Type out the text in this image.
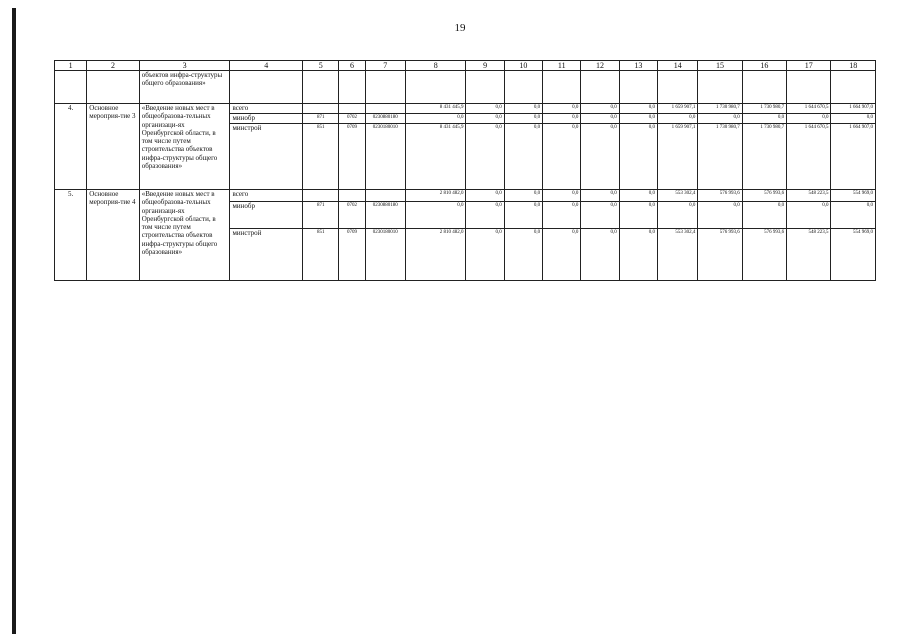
19
1	2	3	4	5	6	7	8	9	10	11	12	13	14	15	16	17	18
		объектов инфра-структуры общего образования»															
4.	Основное мероприя-тие 3	«Введение новых мест в общеобразова-тельных организаци-ях Оренбургской области, в том числе путем строительства объектов инфра-структуры общего образования»	всего				8 431 445,9	0,0	0,0	0,0	0,0	0,0	1 659 907,1	1 730 980,7	1 730 980,7	1 644 670,5	1 664 907,0
			минобр	871	0702	0230880180	0,0	0,0	0,0	0,0	0,0	0,0	0,0	0,0	0,0	0,0	0,0
			минстрой	851	0709	0230180010	8 431 445,9	0,0	0,0	0,0	0,0	0,0	1 659 907,1	1 730 980,7	1 730 980,7	1 644 670,5	1 664 907,0
5.	Основное мероприя-тие 4	«Введение новых мест в общеобразова-тельных организаци-ях Оренбургской области, в том числе путем строительства объектов инфра-структуры общего образования»	всего				2 810 482,0	0,0	0,0	0,0	0,0	0,0	553 302,4	576 993,6	576 993,6	548 223,5	554 969,0
			минобр	871	0702	0230880180	0,0	0,0	0,0	0,0	0,0	0,0	0,0	0,0	0,0	0,0	0,0
			минстрой	851	0709	0230180010	2 810 482,0	0,0	0,0	0,0	0,0	0,0	553 302,4	576 993,6	576 993,6	548 223,5	554 969,0
